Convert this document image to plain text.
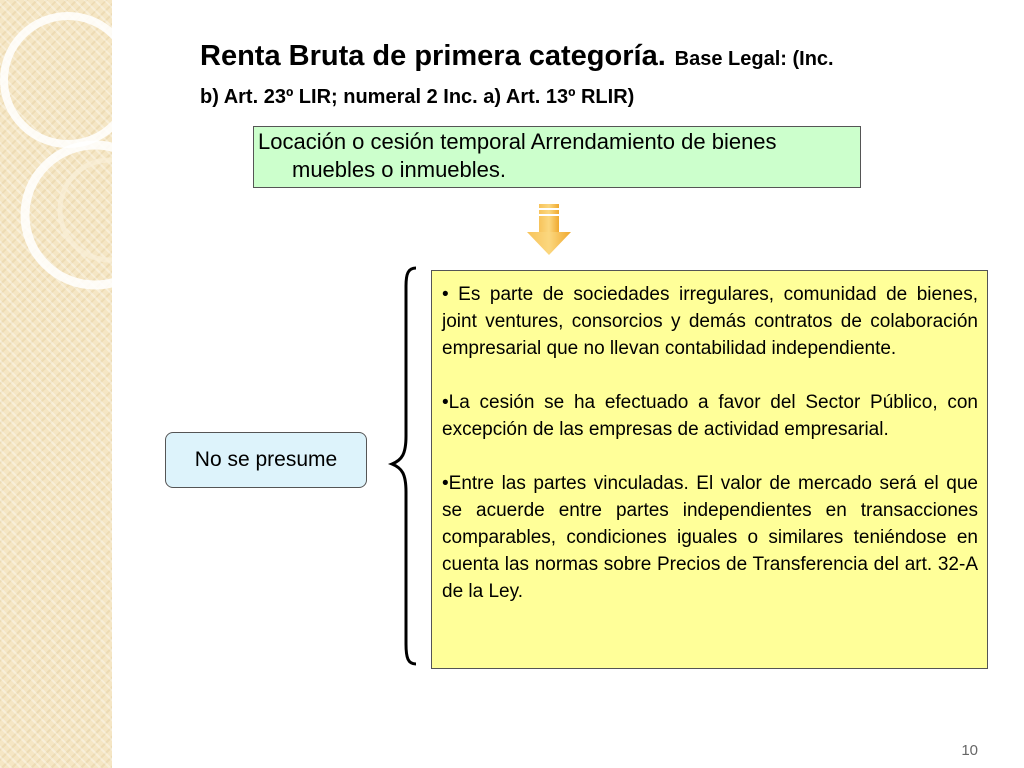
Renta Bruta de primera categoría. Base Legal: (Inc.
b) Art. 23º LIR; numeral 2 Inc. a) Art. 13º RLIR)
Locación o cesión temporal Arrendamiento de bienes
muebles o inmuebles.
No se presume

• Es parte de sociedades irregulares, comunidad de bienes, joint ventures, consorcios y demás contratos de colaboración empresarial que no llevan contabilidad independiente.

•La cesión se ha efectuado a favor del Sector Público, con excepción de las empresas de actividad empresarial.

•Entre las partes vinculadas. El valor de mercado será el que se acuerde entre partes independientes en transacciones comparables, condiciones iguales o similares teniéndose en cuenta las normas sobre Precios de Transferencia del art. 32-A de la Ley.

10
